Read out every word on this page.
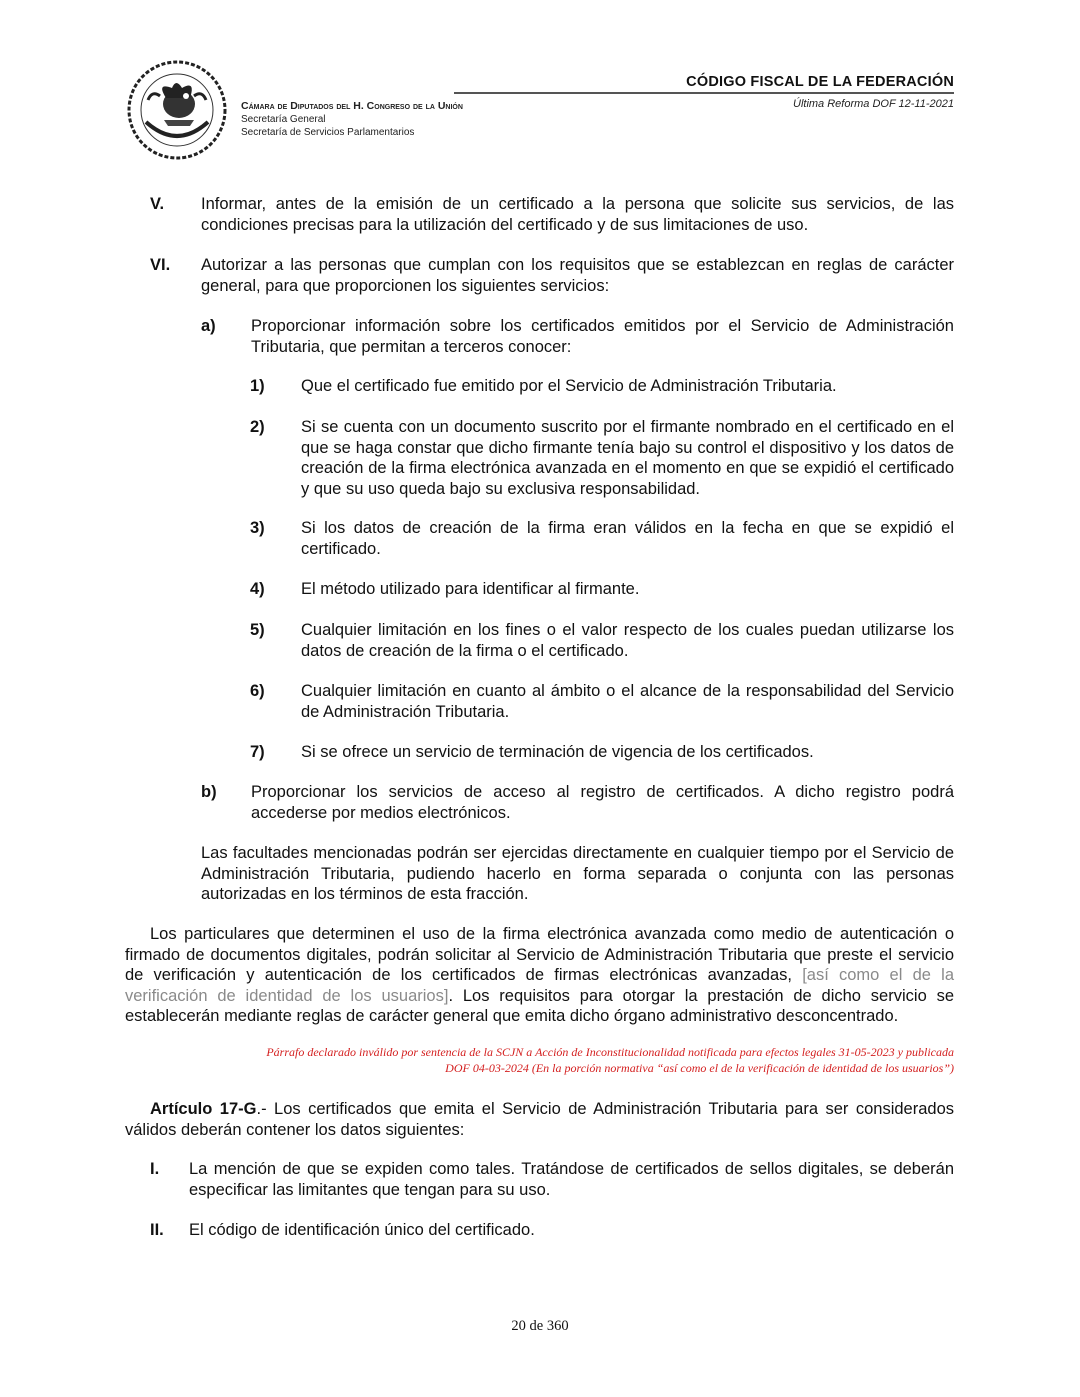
Cámara de Diputados del H. Congreso de la Unión
Secretaría General
Secretaría de Servicios Parlamentarios
CÓDIGO FISCAL DE LA FEDERACIÓN
Última Reforma DOF 12-11-2021
V. Informar, antes de la emisión de un certificado a la persona que solicite sus servicios, de las condiciones precisas para la utilización del certificado y de sus limitaciones de uso.
VI. Autorizar a las personas que cumplan con los requisitos que se establezcan en reglas de carácter general, para que proporcionen los siguientes servicios:
a) Proporcionar información sobre los certificados emitidos por el Servicio de Administración Tributaria, que permitan a terceros conocer:
1) Que el certificado fue emitido por el Servicio de Administración Tributaria.
2) Si se cuenta con un documento suscrito por el firmante nombrado en el certificado en el que se haga constar que dicho firmante tenía bajo su control el dispositivo y los datos de creación de la firma electrónica avanzada en el momento en que se expidió el certificado y que su uso queda bajo su exclusiva responsabilidad.
3) Si los datos de creación de la firma eran válidos en la fecha en que se expidió el certificado.
4) El método utilizado para identificar al firmante.
5) Cualquier limitación en los fines o el valor respecto de los cuales puedan utilizarse los datos de creación de la firma o el certificado.
6) Cualquier limitación en cuanto al ámbito o el alcance de la responsabilidad del Servicio de Administración Tributaria.
7) Si se ofrece un servicio de terminación de vigencia de los certificados.
b) Proporcionar los servicios de acceso al registro de certificados. A dicho registro podrá accederse por medios electrónicos.
Las facultades mencionadas podrán ser ejercidas directamente en cualquier tiempo por el Servicio de Administración Tributaria, pudiendo hacerlo en forma separada o conjunta con las personas autorizadas en los términos de esta fracción.
Los particulares que determinen el uso de la firma electrónica avanzada como medio de autenticación o firmado de documentos digitales, podrán solicitar al Servicio de Administración Tributaria que preste el servicio de verificación y autenticación de los certificados de firmas electrónicas avanzadas, [así como el de la verificación de identidad de los usuarios]. Los requisitos para otorgar la prestación de dicho servicio se establecerán mediante reglas de carácter general que emita dicho órgano administrativo desconcentrado.
Párrafo declarado inválido por sentencia de la SCJN a Acción de Inconstitucionalidad notificada para efectos legales 31-05-2023 y publicada
DOF 04-03-2024 (En la porción normativa “así como el de la verificación de identidad de los usuarios”)
Artículo 17-G.- Los certificados que emita el Servicio de Administración Tributaria para ser considerados válidos deberán contener los datos siguientes:
I. La mención de que se expiden como tales. Tratándose de certificados de sellos digitales, se deberán especificar las limitantes que tengan para su uso.
II. El código de identificación único del certificado.
20 de 360
